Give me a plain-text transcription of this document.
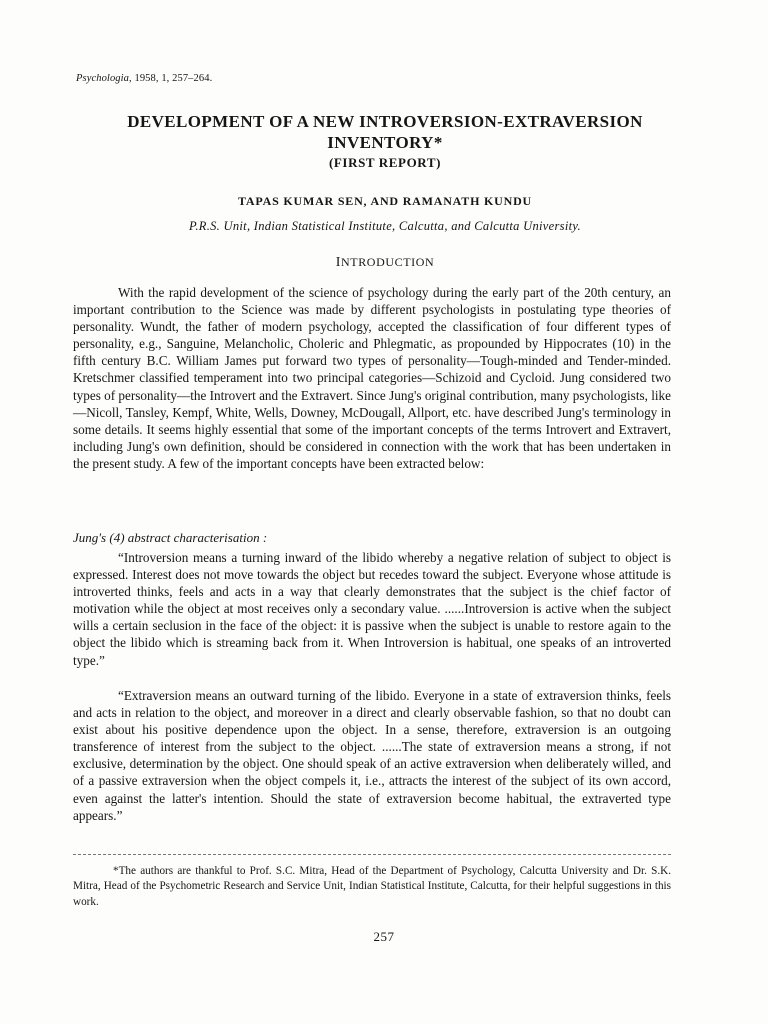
Psychologia, 1958, 1, 257–264.
DEVELOPMENT OF A NEW INTROVERSION-EXTRAVERSION
INVENTORY*
(FIRST REPORT)
TAPAS KUMAR SEN, AND RAMANATH KUNDU
P.R.S. Unit, Indian Statistical Institute, Calcutta, and Calcutta University.
INTRODUCTION

With the rapid development of the science of psychology during the early part of the 20th century, an important contribution to the Science was made by different psychologists in postulating type theories of personality. Wundt, the father of modern psychology, accepted the classification of four different types of personality, e.g., Sanguine, Melancholic, Choleric and Phlegmatic, as propounded by Hippocrates (10) in the fifth century B.C. William James put forward two types of personality—Tough-minded and Tender-minded. Kretschmer classified temperament into two principal categories—Schizoid and Cycloid. Jung considered two types of personality—the Introvert and the Extravert. Since Jung's original contribution, many psychologists, like—Nicoll, Tansley, Kempf, White, Wells, Downey, McDougall, Allport, etc. have described Jung's terminology in some details. It seems highly essential that some of the important concepts of the terms Introvert and Extravert, including Jung's own definition, should be considered in connection with the work that has been undertaken in the present study. A few of the important concepts have been extracted below:

Jung's (4) abstract characterisation :

“Introversion means a turning inward of the libido whereby a negative relation of subject to object is expressed. Interest does not move towards the object but recedes toward the subject. Everyone whose attitude is introverted thinks, feels and acts in a way that clearly demonstrates that the subject is the chief factor of motivation while the object at most receives only a secondary value. ......Introversion is active when the subject wills a certain seclusion in the face of the object: it is passive when the subject is unable to restore again to the object the libido which is streaming back from it. When Introversion is habitual, one speaks of an introverted type.”

“Extraversion means an outward turning of the libido. Everyone in a state of extraversion thinks, feels and acts in relation to the object, and moreover in a direct and clearly observable fashion, so that no doubt can exist about his positive dependence upon the object. In a sense, therefore, extraversion is an outgoing transference of interest from the subject to the object. ......The state of extraversion means a strong, if not exclusive, determination by the object. One should speak of an active extraversion when deliberately willed, and of a passive extraversion when the object compels it, i.e., attracts the interest of the subject of its own accord, even against the latter's intention. Should the state of extraversion become habitual, the extraverted type appears.”

*The authors are thankful to Prof. S.C. Mitra, Head of the Department of Psychology, Calcutta University and Dr. S.K. Mitra, Head of the Psychometric Research and Service Unit, Indian Statistical Institute, Calcutta, for their helpful suggestions in this work.

257
